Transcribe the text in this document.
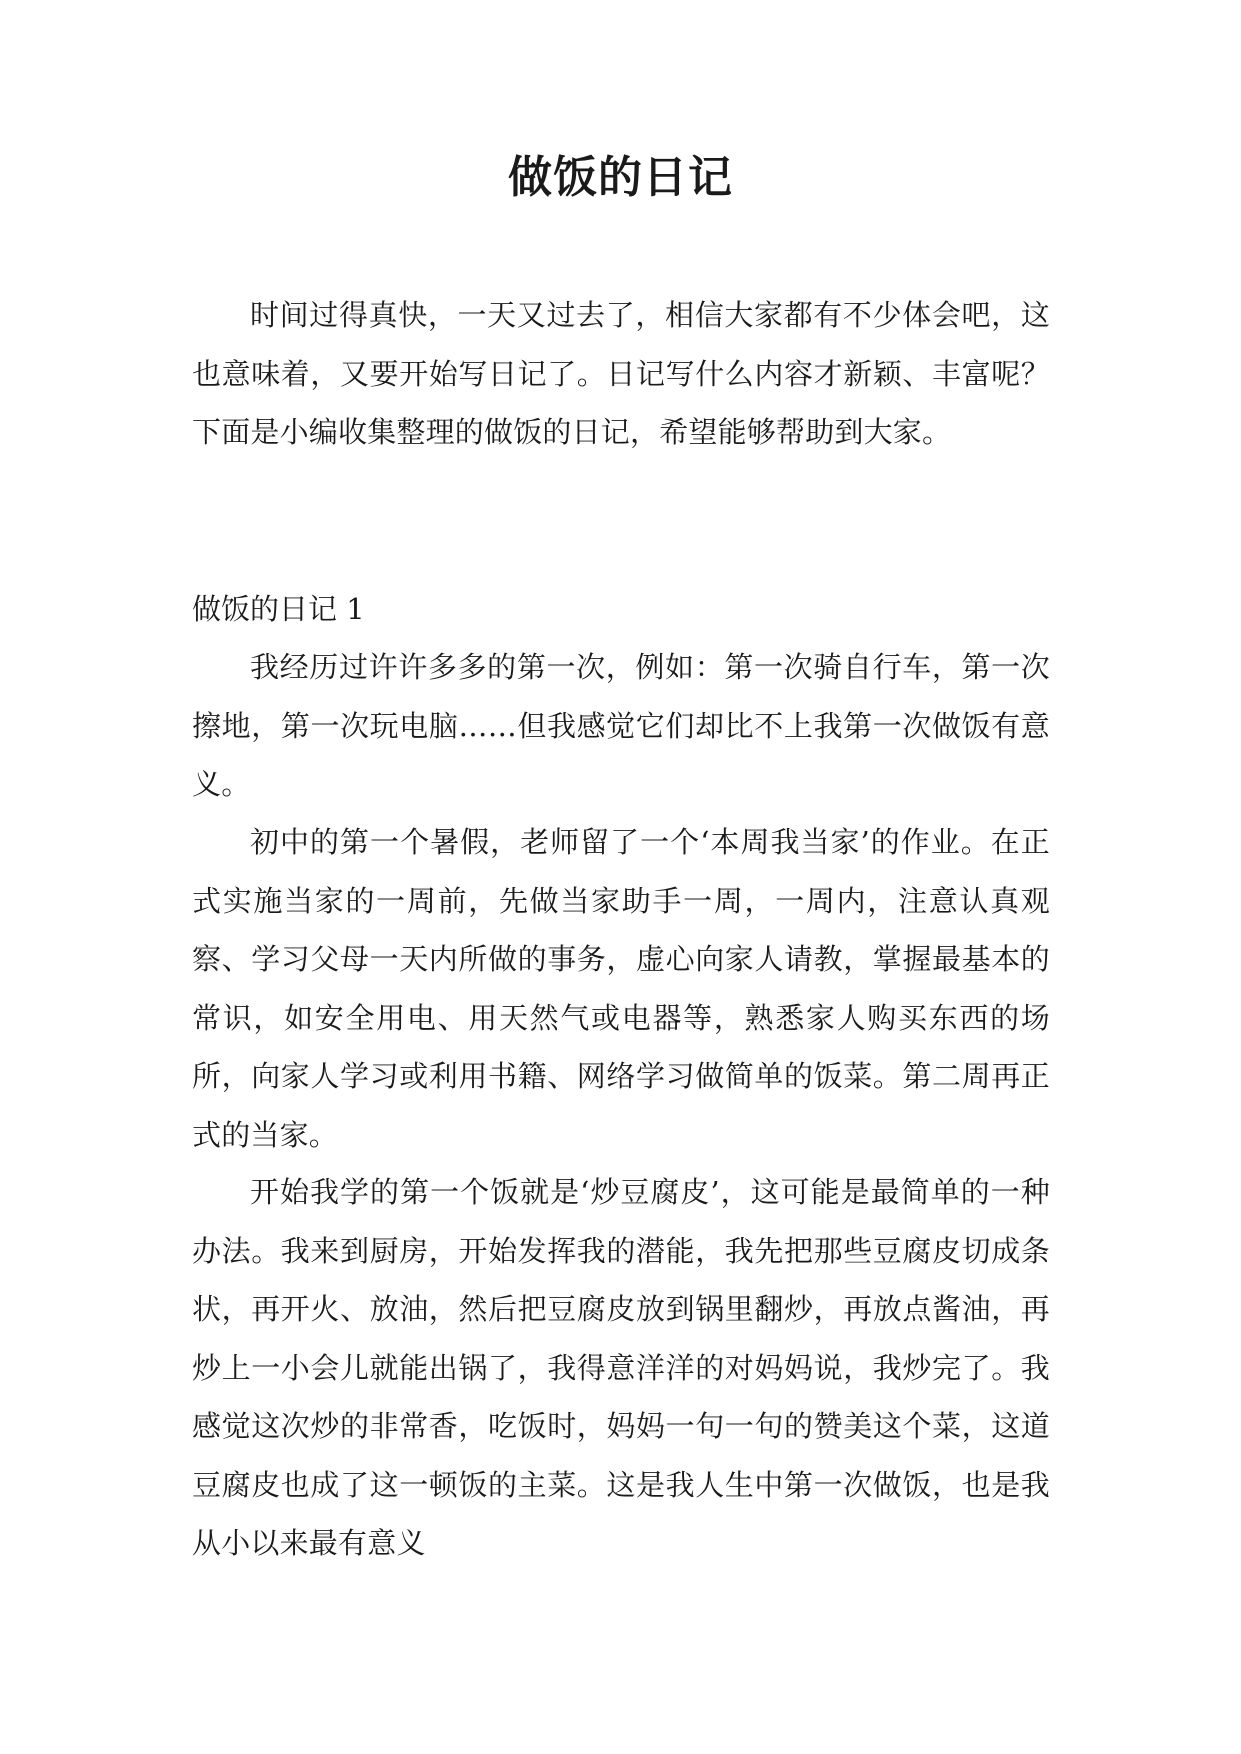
做饭的日记

时间过得真快，一天又过去了，相信大家都有不少体会吧，这也意味着，又要开始写日记了。日记写什么内容才新颖、丰富呢？下面是小编收集整理的做饭的日记，希望能够帮助到大家。

做饭的日记 1

我经历过许许多多的第一次，例如：第一次骑自行车，第一次擦地，第一次玩电脑……但我感觉它们却比不上我第一次做饭有意义。

初中的第一个暑假，老师留了一个‘本周我当家’的作业。在正式实施当家的一周前，先做当家助手一周，一周内，注意认真观察、学习父母一天内所做的事务，虚心向家人请教，掌握最基本的常识，如安全用电、用天然气或电器等，熟悉家人购买东西的场所，向家人学习或利用书籍、网络学习做简单的饭菜。第二周再正式的当家。

开始我学的第一个饭就是‘炒豆腐皮’，这可能是最简单的一种办法。我来到厨房，开始发挥我的潜能，我先把那些豆腐皮切成条状，再开火、放油，然后把豆腐皮放到锅里翻炒，再放点酱油，再炒上一小会儿就能出锅了，我得意洋洋的对妈妈说，我炒完了。我感觉这次炒的非常香，吃饭时，妈妈一句一句的赞美这个菜，这道豆腐皮也成了这一顿饭的主菜。这是我人生中第一次做饭，也是我从小以来最有意义
